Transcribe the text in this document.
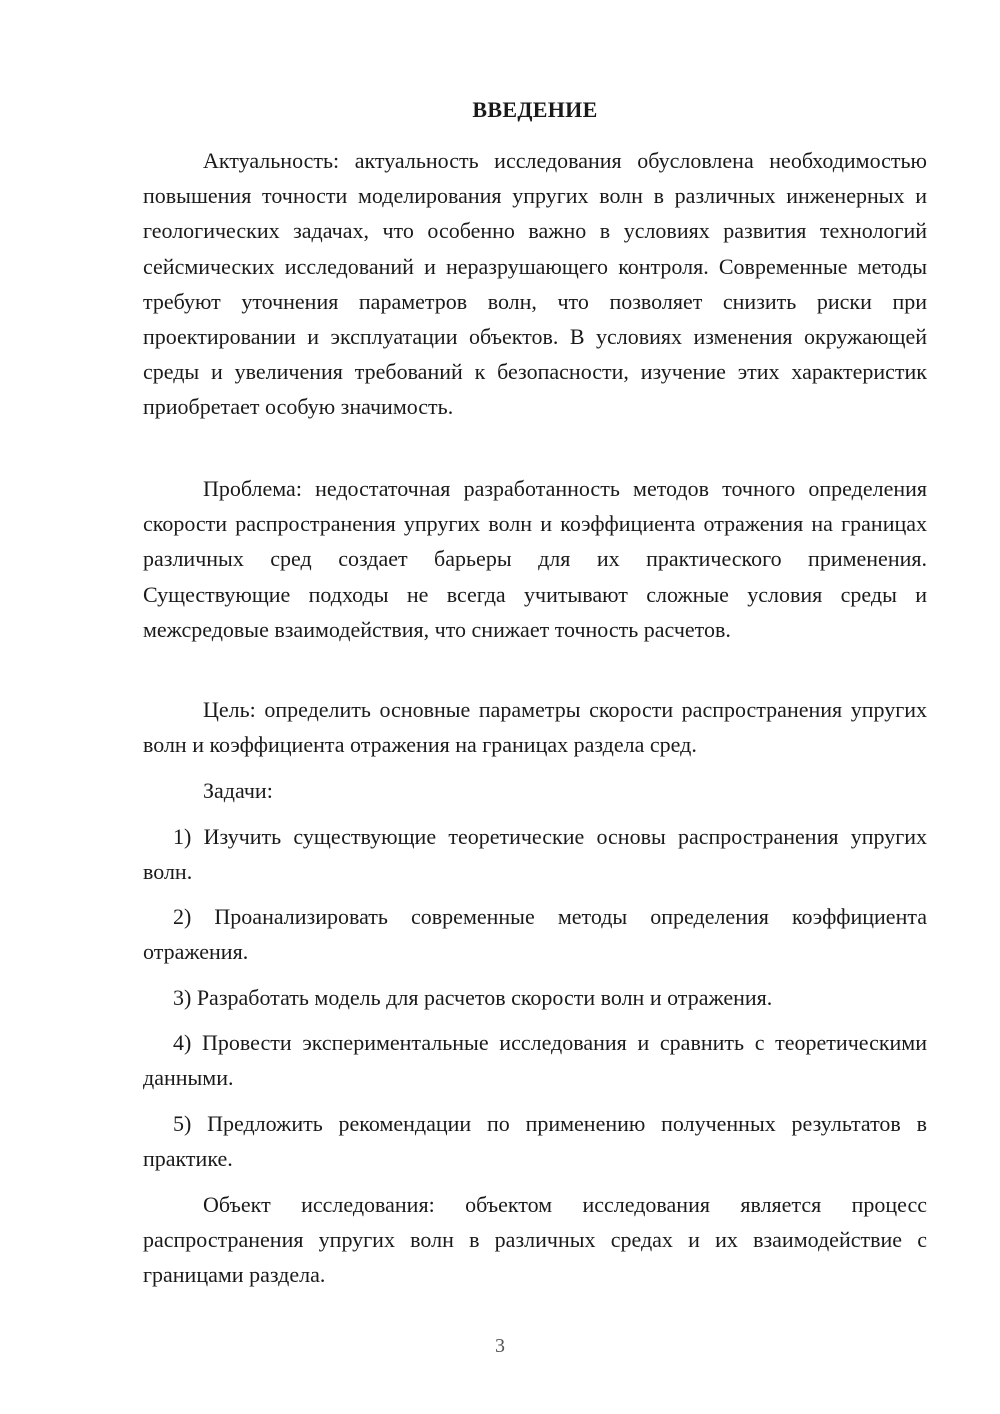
ВВЕДЕНИЕ

Актуальность: актуальность исследования обусловлена необходимостью повышения точности моделирования упругих волн в различных инженерных и геологических задачах, что особенно важно в условиях развития технологий сейсмических исследований и неразрушающего контроля. Современные методы требуют уточнения параметров волн, что позволяет снизить риски при проектировании и эксплуатации объектов. В условиях изменения окружающей среды и увеличения требований к безопасности, изучение этих характеристик приобретает особую значимость.

Проблема: недостаточная разработанность методов точного определения скорости распространения упругих волн и коэффициента отражения на границах различных сред создает барьеры для их практического применения. Существующие подходы не всегда учитывают сложные условия среды и межсредовые взаимодействия, что снижает точность расчетов.

Цель: определить основные параметры скорости распространения упругих волн и коэффициента отражения на границах раздела сред.

Задачи:

1) Изучить существующие теоретические основы распространения упругих волн.

2) Проанализировать современные методы определения коэффициента отражения.

3) Разработать модель для расчетов скорости волн и отражения.

4) Провести экспериментальные исследования и сравнить с теоретическими данными.

5) Предложить рекомендации по применению полученных результатов в практике.

Объект исследования: объектом исследования является процесс распространения упругих волн в различных средах и их взаимодействие с границами раздела.

3
